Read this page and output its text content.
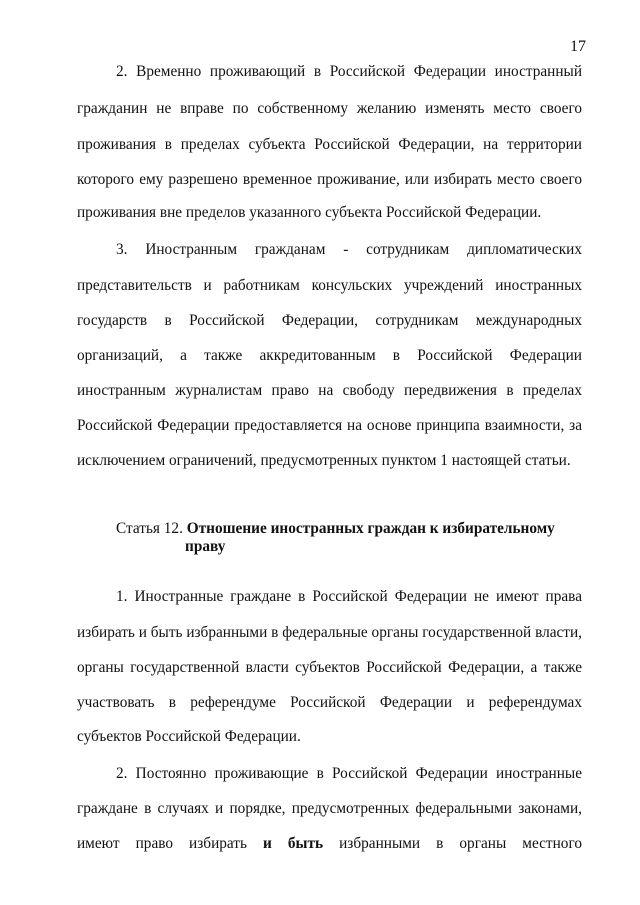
17
2. Временно проживающий в Российской Федерации иностранный
гражданин не вправе по собственному желанию изменять место своего
проживания в пределах субъекта Российской Федерации, на территории
которого ему разрешено временное проживание, или избирать место своего
проживания вне пределов указанного субъекта Российской Федерации.
3. Иностранным гражданам - сотрудникам дипломатических
представительств и работникам консульских учреждений иностранных
государств в Российской Федерации, сотрудникам международных
организаций, а также аккредитованным в Российской Федерации
иностранным журналистам право на свободу передвижения в пределах
Российской Федерации предоставляется на основе принципа взаимности, за
исключением ограничений, предусмотренных пунктом 1 настоящей статьи.
Статья 12. Отношение иностранных граждан к избирательному
праву
1. Иностранные граждане в Российской Федерации не имеют права
избирать и быть избранными в федеральные органы государственной власти,
органы государственной власти субъектов Российской Федерации, а также
участвовать в референдуме Российской Федерации и референдумах
субъектов Российской Федерации.
2. Постоянно проживающие в Российской Федерации иностранные
граждане в случаях и порядке, предусмотренных федеральными законами,
имеют право избирать и быть избранными в органы местного
